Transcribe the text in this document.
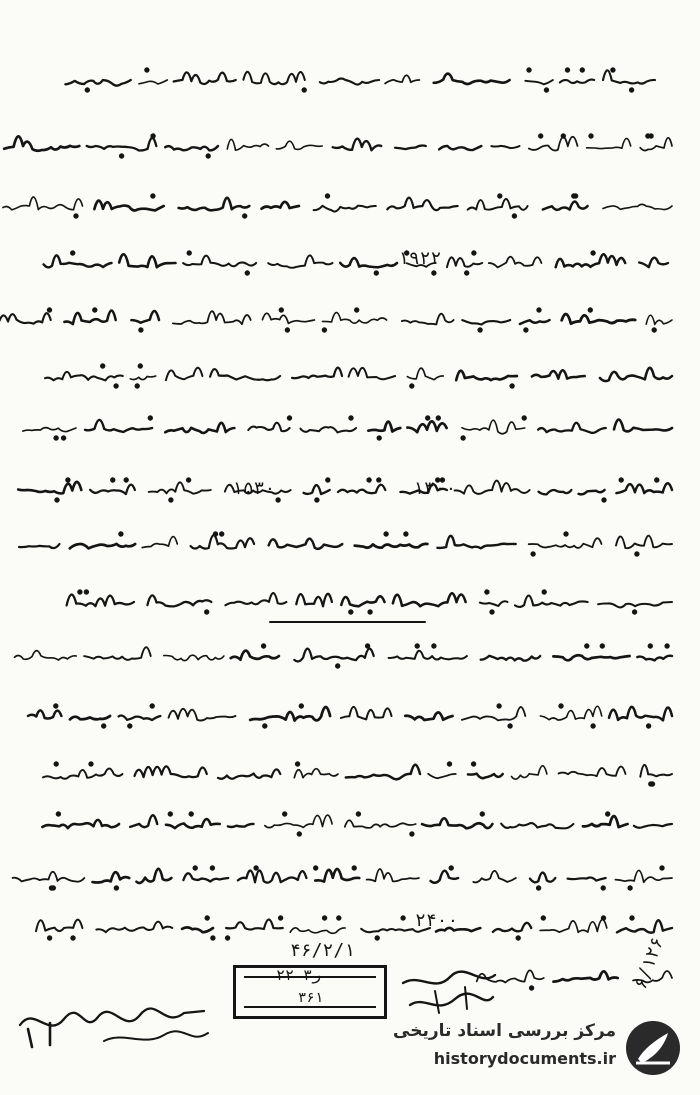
۱۹۲۲
۱۳۰۰
۱۵۳۰
۲۴۰۰
۴۶/۲/۱	۶/۱۲۶
۲ر۳ ۲
۳۶۱
مرکز بررسی اسناد تاریخی
historydocuments.ir
